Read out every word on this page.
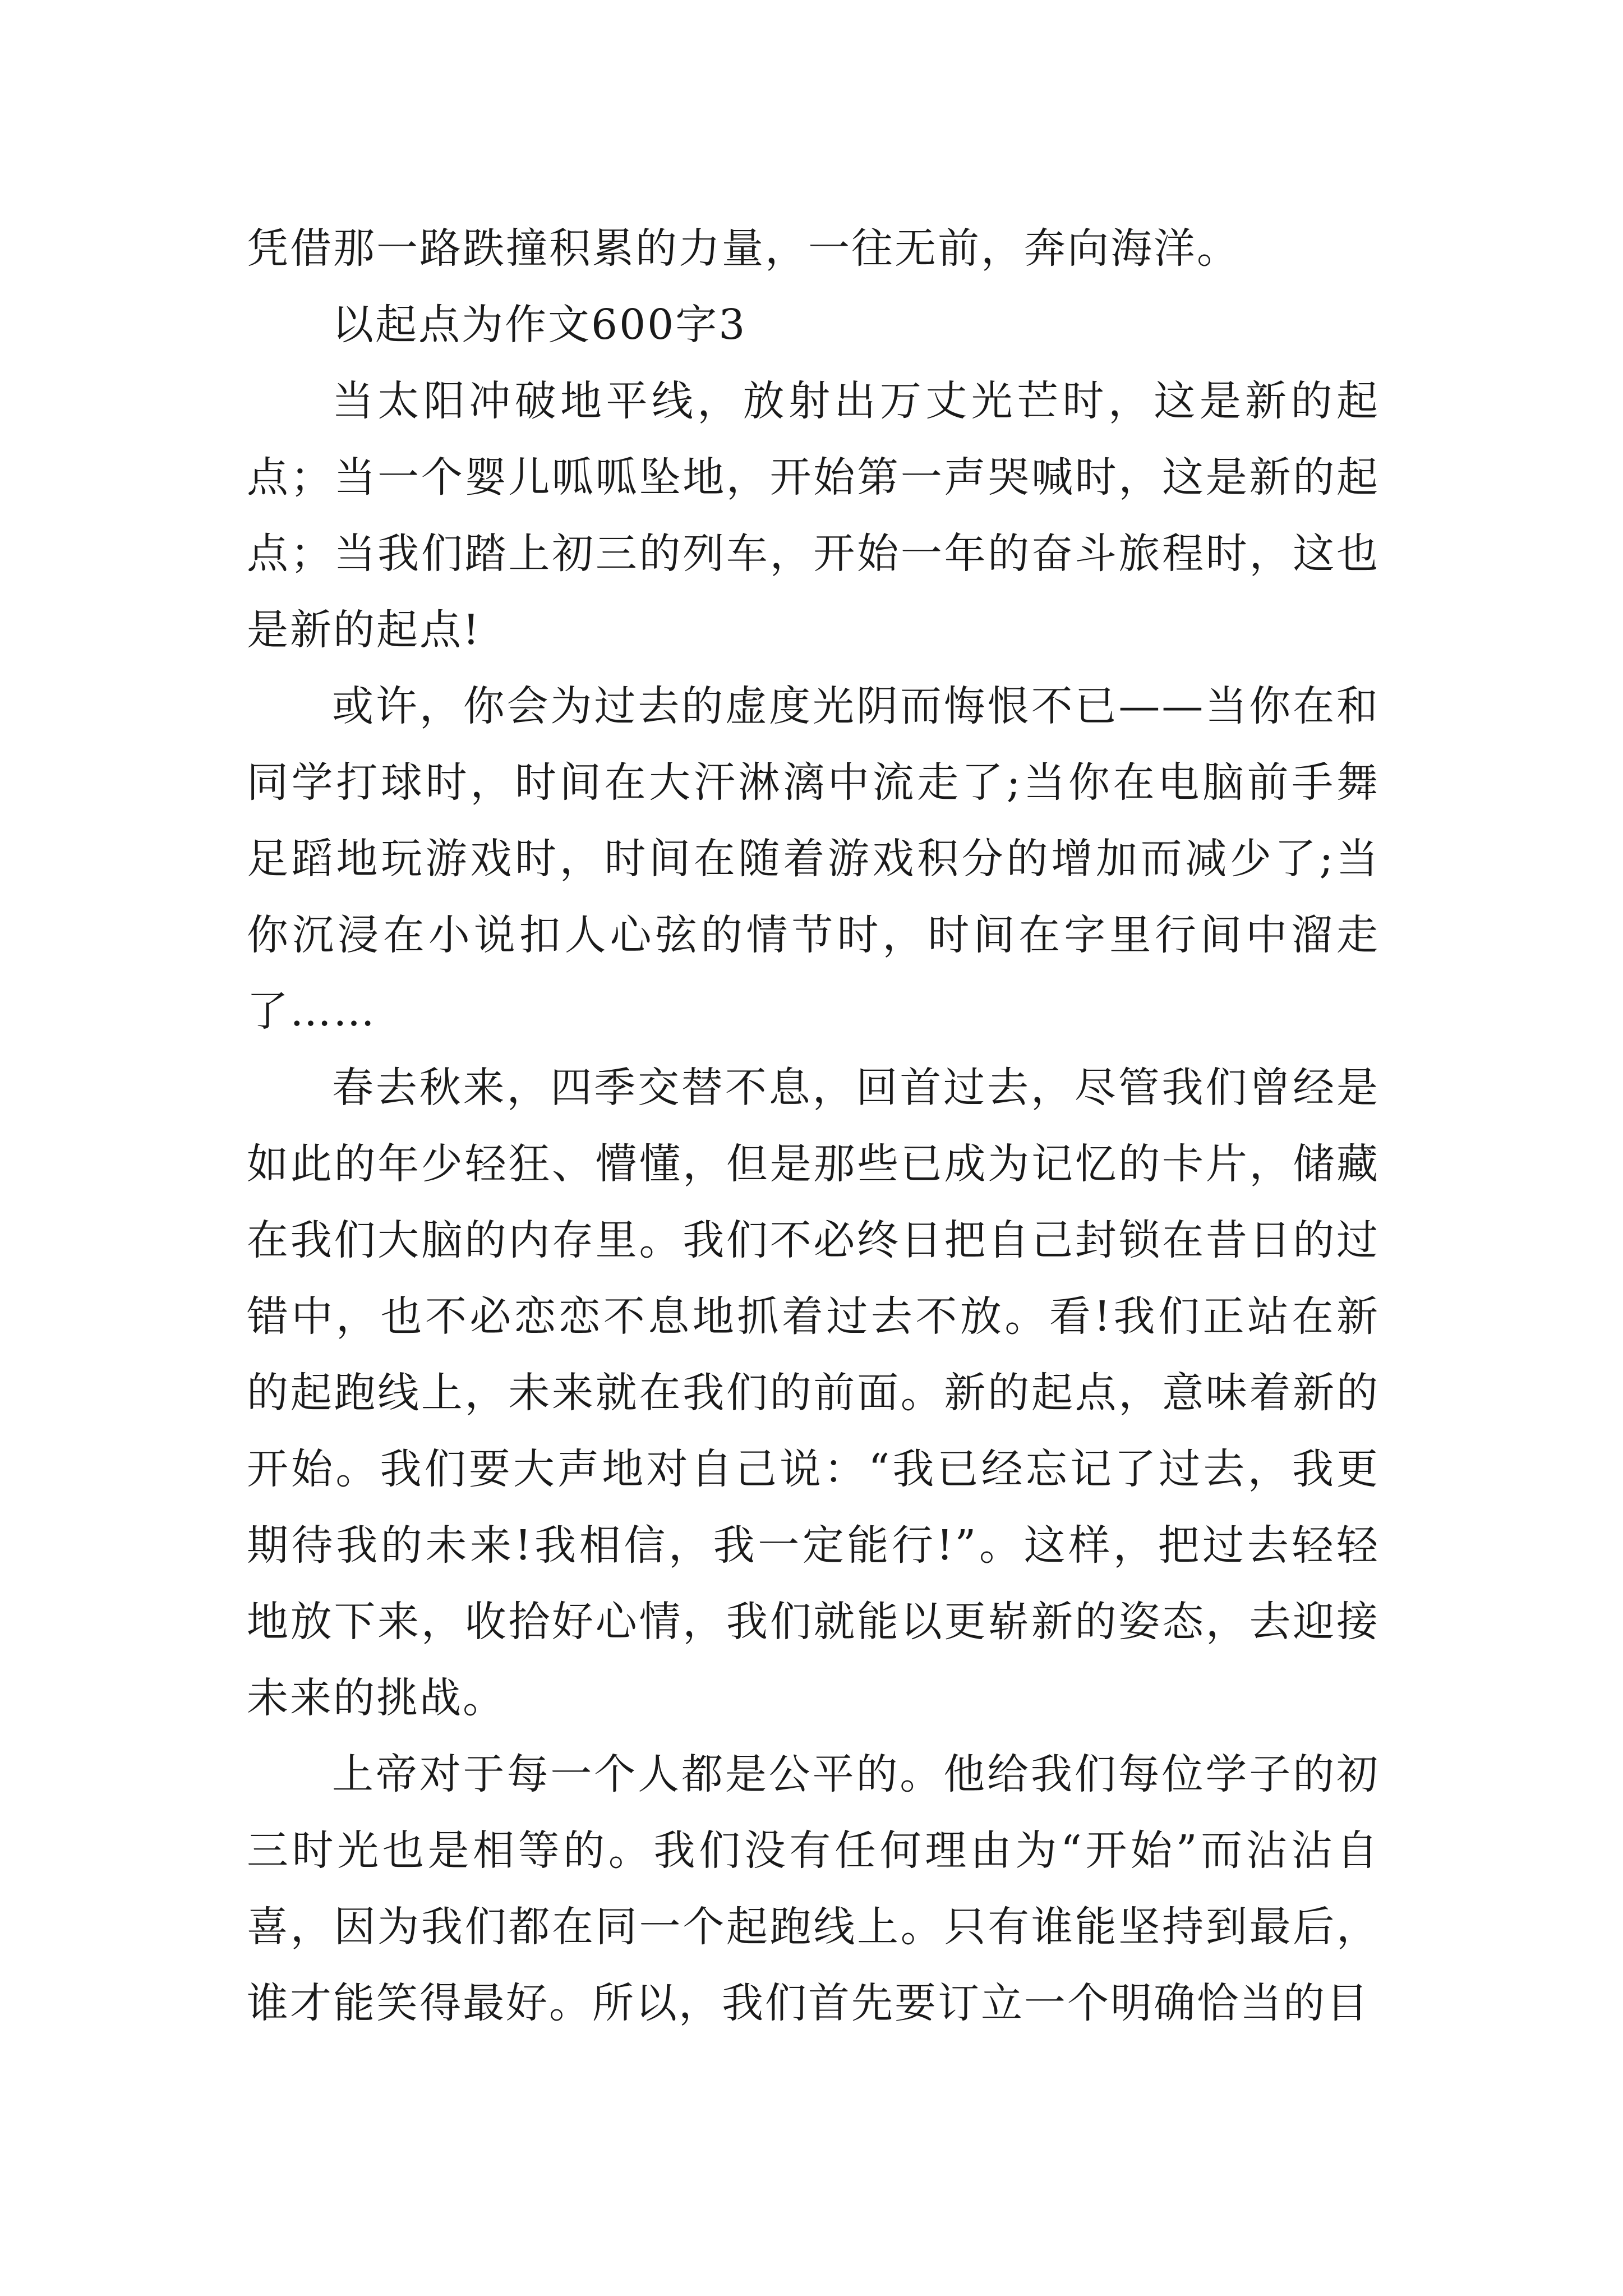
凭借那一路跌撞积累的力量，一往无前，奔向海洋。

以起点为作文600字3

当太阳冲破地平线，放射出万丈光芒时，这是新的起点；当一个婴儿呱呱坠地，开始第一声哭喊时，这是新的起点；当我们踏上初三的列车，开始一年的奋斗旅程时，这也是新的起点!

或许，你会为过去的虚度光阴而悔恨不已——当你在和同学打球时，时间在大汗淋漓中流走了;当你在电脑前手舞足蹈地玩游戏时，时间在随着游戏积分的增加而减少了;当你沉浸在小说扣人心弦的情节时，时间在字里行间中溜走了……

春去秋来，四季交替不息，回首过去，尽管我们曾经是如此的年少轻狂、懵懂，但是那些已成为记忆的卡片，储藏在我们大脑的内存里。我们不必终日把自己封锁在昔日的过错中，也不必恋恋不息地抓着过去不放。看!我们正站在新的起跑线上，未来就在我们的前面。新的起点，意味着新的开始。我们要大声地对自己说：“我已经忘记了过去，我更期待我的未来!我相信，我一定能行!”。这样，把过去轻轻地放下来，收拾好心情，我们就能以更崭新的姿态，去迎接未来的挑战。

上帝对于每一个人都是公平的。他给我们每位学子的初三时光也是相等的。我们没有任何理由为“开始”而沾沾自喜，因为我们都在同一个起跑线上。只有谁能坚持到最后，谁才能笑得最好。所以，我们首先要订立一个明确恰当的目
